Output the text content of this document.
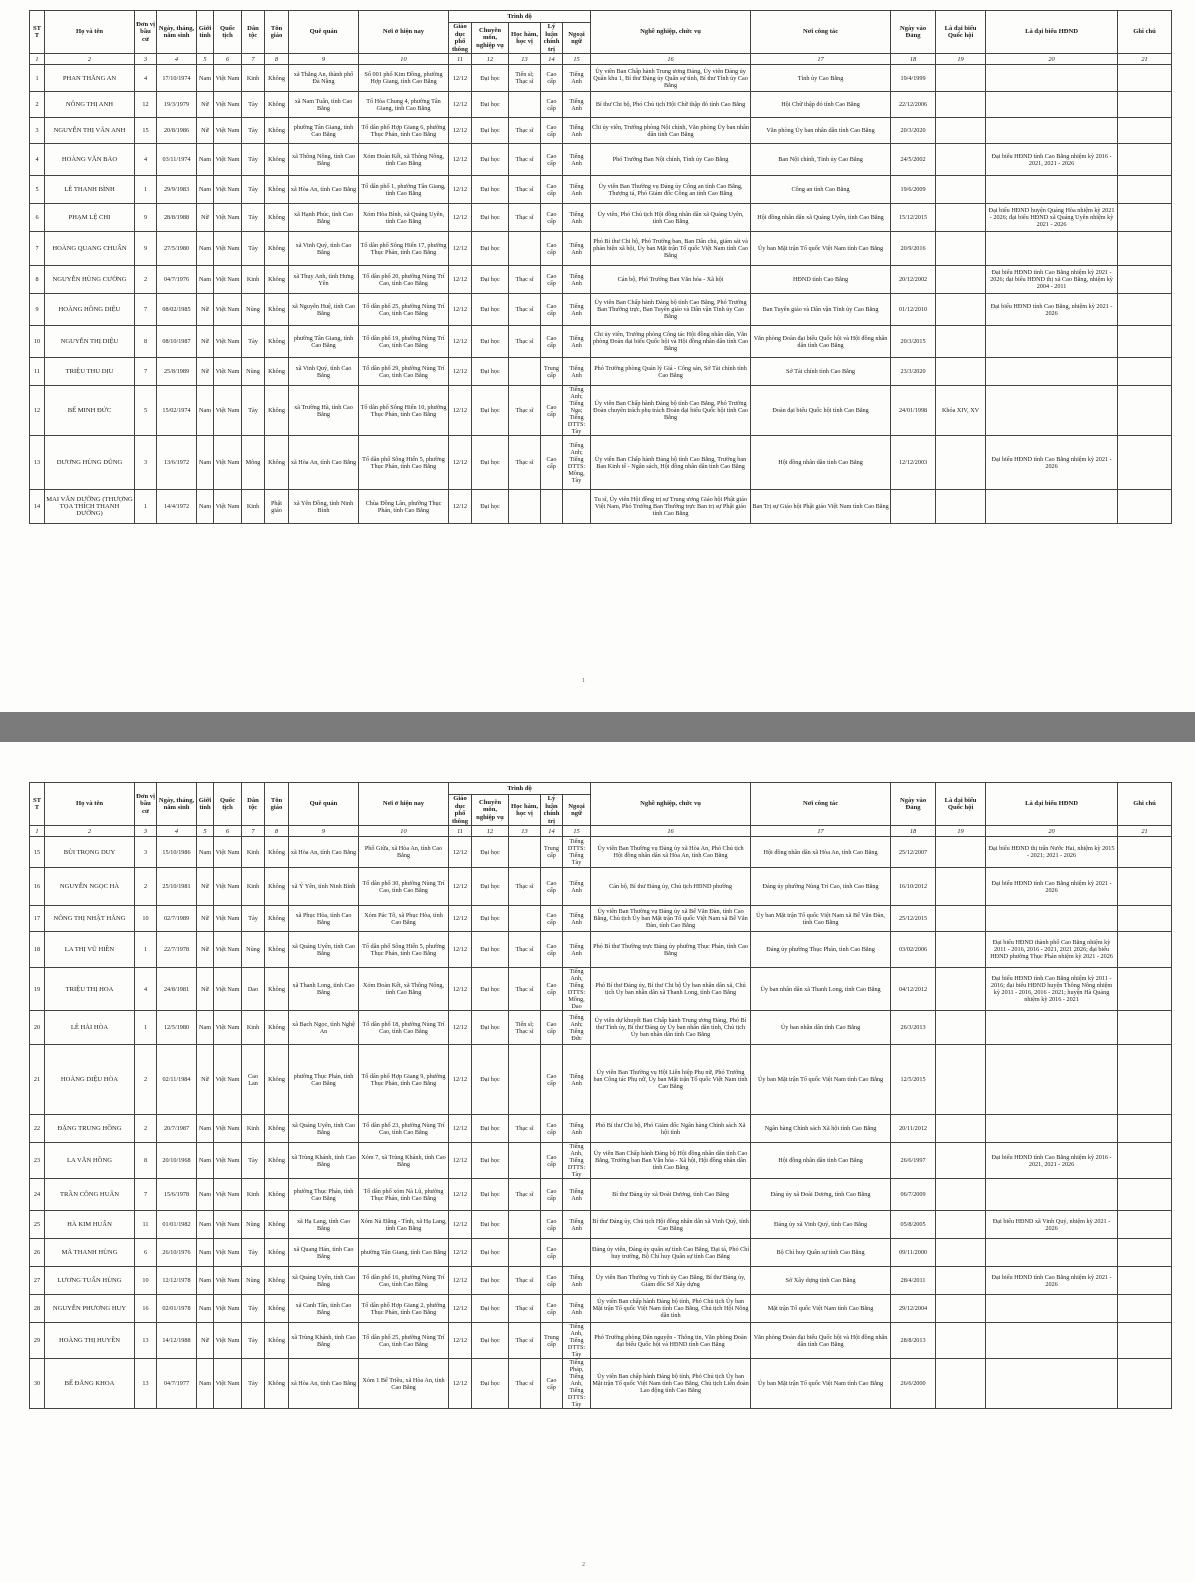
STT	Họ và tên	Đơn vị bầu cử	Ngày, tháng, năm sinh	Giới tính	Quốc tịch	Dân tộc	Tôn giáo	Quê quán	Nơi ở hiện nay	Trình độ					Nghề nghiệp, chức vụ	Nơi công tác	Ngày vào Đảng	Là đại biểu Quốc hội	Là đại biểu HĐND	Ghi chú
										Giáo dục phổ thông	Chuyên môn, nghiệp vụ	Học hàm, học vị	Lý luận chính trị	Ngoại ngữ						
1	2	3	4	5	6	7	8	9	10	11	12	13	14	15	16	17	18	19	20	21
1	PHAN THĂNG AN	4	17/10/1974	Nam	Việt Nam	Kinh	Không	xã Thăng An, thành phố Đà Nẵng	Số 001 phố Kim Đồng, phường Hợp Giang, tỉnh Cao Bằng	12/12	Đại học	Tiến sĩ; Thạc sĩ	Cao cấp	Tiếng Anh	Ủy viên Ban Chấp hành Trung ương Đảng, Ủy viên Đảng ủy Quân khu 1, Bí thư Đảng ủy Quân sự tỉnh, Bí thư Tỉnh ủy Cao Bằng	Tỉnh ủy Cao Bằng	19/4/1999			
2	NÔNG THỊ ANH	12	19/3/1979	Nữ	Việt Nam	Tày	Không	xã Nam Tuấn, tỉnh Cao Bằng	Tổ Hòa Chung 4, phường Tân Giang, tỉnh Cao Bằng	12/12	Đại học		Cao cấp	Tiếng Anh	Bí thư Chi bộ, Phó Chủ tịch Hội Chữ thập đỏ tỉnh Cao Bằng	Hội Chữ thập đỏ tỉnh Cao Bằng	22/12/2006			
3	NGUYỄN THỊ VÂN ANH	15	20/8/1986	Nữ	Việt Nam	Tày	Không	phường Tân Giang, tỉnh Cao Bằng	Tổ dân phố Hợp Giang 6, phường Thục Phán, tỉnh Cao Bằng	12/12	Đại học	Thạc sĩ	Cao cấp	Tiếng Anh	Chi ủy viên, Trưởng phòng Nội chính, Văn phòng Ủy ban nhân dân tỉnh Cao Bằng	Văn phòng Ủy ban nhân dân tỉnh Cao Bằng	20/3/2020			
4	HOÀNG VĂN BẢO	4	03/11/1974	Nam	Việt Nam	Tày	Không	xã Thông Nông, tỉnh Cao Bằng	Xóm Đoàn Kết, xã Thông Nông, tỉnh Cao Bằng	12/12	Đại học	Thạc sĩ	Cao cấp	Tiếng Anh	Phó Trưởng Ban Nội chính, Tỉnh ủy Cao Bằng	Ban Nội chính, Tỉnh ủy Cao Bằng	24/5/2002		Đại biểu HĐND tỉnh Cao Bằng nhiệm kỳ 2016 - 2021, 2021 - 2026	
5	LÊ THANH BÌNH	1	29/9/1983	Nam	Việt Nam	Tày	Không	xã Hòa An, tỉnh Cao Bằng	Tổ dân phố 1, phường Tân Giang, tỉnh Cao Bằng	12/12	Đại học	Thạc sĩ	Cao cấp	Tiếng Anh	Ủy viên Ban Thường vụ Đảng ủy Công an tỉnh Cao Bằng, Thượng tá, Phó Giám đốc Công an tỉnh Cao Bằng	Công an tỉnh Cao Bằng	19/6/2009			
6	PHẠM LỆ CHI	9	28/8/1988	Nữ	Việt Nam	Tày	Không	xã Hạnh Phúc, tỉnh Cao Bằng	Xóm Hòa Bình, xã Quảng Uyên, tỉnh Cao Bằng	12/12	Đại học	Thạc sĩ	Cao cấp	Tiếng Anh	Ủy viên, Phó Chủ tịch Hội đồng nhân dân xã Quảng Uyên, tỉnh Cao Bằng	Hội đồng nhân dân xã Quảng Uyên, tỉnh Cao Bằng	15/12/2015		Đại biểu HĐND huyện Quảng Hòa nhiệm kỳ 2021 - 2026; đại biểu HĐND xã Quảng Uyên nhiệm kỳ 2021 - 2026	
7	HOÀNG QUANG CHUẨN	9	27/5/1980	Nam	Việt Nam	Tày	Không	xã Vinh Quý, tỉnh Cao Bằng	Tổ dân phố Sông Hiến 17, phường Thục Phán, tỉnh Cao Bằng	12/12	Đại học		Cao cấp	Tiếng Anh	Phó Bí thư Chi bộ, Phó Trưởng ban, Ban Dân chủ, giám sát và phản biện xã hội, Ủy ban Mặt trận Tổ quốc Việt Nam tỉnh Cao Bằng	Ủy ban Mặt trận Tổ quốc Việt Nam tỉnh Cao Bằng	20/9/2016			
8	NGUYỄN HÙNG CƯỜNG	2	04/7/1976	Nam	Việt Nam	Kinh	Không	xã Thụy Anh, tỉnh Hưng Yên	Tổ dân phố 20, phường Nùng Trí Cao, tỉnh Cao Bằng	12/12	Đại học	Thạc sĩ	Cao cấp	Tiếng Anh	Cán bộ, Phó Trưởng Ban Văn hóa - Xã hội	HĐND tỉnh Cao Bằng	20/12/2002		Đại biểu HĐND tỉnh Cao Bằng nhiệm kỳ 2021 - 2026; đại biểu HĐND thị xã Cao Bằng, nhiệm kỳ 2004 - 2011	
9	HOÀNG HỒNG DIỆU	7	08/02/1985	Nữ	Việt Nam	Nùng	Không	xã Nguyễn Huệ, tỉnh Cao Bằng	Tổ dân phố 25, phường Nùng Trí Cao, tỉnh Cao Bằng	12/12	Đại học	Thạc sĩ	Cao cấp	Tiếng Anh	Ủy viên Ban Chấp hành Đảng bộ tỉnh Cao Bằng, Phó Trưởng Ban Thường trực, Ban Tuyên giáo và Dân vận Tỉnh ủy Cao Bằng	Ban Tuyên giáo và Dân vận Tỉnh ủy Cao Bằng	01/12/2010		Đại biểu HĐND tỉnh Cao Bằng, nhiệm kỳ 2021 - 2026	
10	NGUYỄN THỊ DIỆU	8	08/10/1987	Nữ	Việt Nam	Tày	Không	phường Tân Giang, tỉnh Cao Bằng	Tổ dân phố 19, phường Nùng Trí Cao, tỉnh Cao Bằng	12/12	Đại học	Thạc sĩ	Cao cấp	Tiếng Anh	Chi ủy viên, Trưởng phòng Công tác Hội đồng nhân dân, Văn phòng Đoàn đại biểu Quốc hội và Hội đồng nhân dân tỉnh Cao Bằng	Văn phòng Đoàn đại biểu Quốc hội và Hội đồng nhân dân tỉnh Cao Bằng	20/3/2015			
11	TRIỆU THU DỊU	7	25/8/1989	Nữ	Việt Nam	Nùng	Không	xã Vinh Quý, tỉnh Cao Bằng	Tổ dân phố 29, phường Nùng Trí Cao, tỉnh Cao Bằng	12/12	Đại học		Trung cấp	Tiếng Anh	Phó Trưởng phòng Quản lý Giá - Công sản, Sở Tài chính tỉnh Cao Bằng	Sở Tài chính tỉnh Cao Bằng	23/3/2020			
12	BẾ MINH ĐỨC	5	15/02/1974	Nam	Việt Nam	Tày	Không	xã Trường Hà, tỉnh Cao Bằng	Tổ dân phố Sông Hiến 10, phường Thục Phán, tỉnh Cao Bằng	12/12	Đại học	Thạc sĩ	Cao cấp	Tiếng Anh; Tiếng Nga; Tiếng DTTS: Tày	Ủy viên Ban Chấp hành Đảng bộ tỉnh Cao Bằng, Phó Trưởng Đoàn chuyên trách phụ trách Đoàn đại biểu Quốc hội tỉnh Cao Bằng	Đoàn đại biểu Quốc hội tỉnh Cao Bằng	24/01/1998	Khóa XIV, XV		
13	DƯƠNG HÙNG DŨNG	3	13/6/1972	Nam	Việt Nam	Mông	Không	xã Hòa An, tỉnh Cao Bằng	Tổ dân phố Sông Hiến 5, phường Thục Phán, tỉnh Cao Bằng	12/12	Đại học	Thạc sĩ	Cao cấp	Tiếng Anh; Tiếng DTTS: Mông, Tày	Ủy viên Ban Chấp hành Đảng bộ tỉnh Cao Bằng, Trưởng ban Ban Kinh tế - Ngân sách, Hội đồng nhân dân tỉnh Cao Bằng	Hội đồng nhân dân tỉnh Cao Bằng	12/12/2003		Đại biểu HĐND tỉnh Cao Bằng nhiệm kỳ 2021 - 2026	
14	MAI VĂN DƯỠNG (THƯỢNG TỌA THÍCH THANH DƯỠNG)	1	14/4/1972	Nam	Việt Nam	Kinh	Phật giáo	xã Yên Đồng, tỉnh Ninh Bình	Chùa Đồng Lân, phường Thục Phán, tỉnh Cao Bằng	12/12	Đại học				Tu sĩ, Ủy viên Hội đồng trị sự Trung ương Giáo hội Phật giáo Việt Nam, Phó Trưởng Ban Thường trực Ban trị sự Phật giáo tỉnh Cao Bằng	Ban Trị sự Giáo hội Phật giáo Việt Nam tỉnh Cao Bằng				
1
STT	Họ và tên	Đơn vị bầu cử	Ngày, tháng, năm sinh	Giới tính	Quốc tịch	Dân tộc	Tôn giáo	Quê quán	Nơi ở hiện nay	Trình độ					Nghề nghiệp, chức vụ	Nơi công tác	Ngày vào Đảng	Là đại biểu Quốc hội	Là đại biểu HĐND	Ghi chú
										Giáo dục phổ thông	Chuyên môn, nghiệp vụ	Học hàm, học vị	Lý luận chính trị	Ngoại ngữ						
1	2	3	4	5	6	7	8	9	10	11	12	13	14	15	16	17	18	19	20	21
15	BÙI TRỌNG DUY	3	15/10/1986	Nam	Việt Nam	Kinh	Không	xã Hòa An, tỉnh Cao Bằng	Phố Giữa, xã Hòa An, tỉnh Cao Bằng	12/12	Đại học		Trung cấp	Tiếng DTTS: Tiếng Tày	Ủy viên Ban Thường vụ Đảng ủy xã Hòa An, Phó Chủ tịch Hội đồng nhân dân xã Hòa An, tỉnh Cao Bằng	Hội đồng nhân dân xã Hòa An, tỉnh Cao Bằng	25/12/2007		Đại biểu HĐND thị trấn Nước Hai, nhiệm kỳ 2015 - 2021; 2021 - 2026	
16	NGUYỄN NGỌC HÀ	2	25/10/1981	Nữ	Việt Nam	Kinh	Không	xã Ý Yên, tỉnh Ninh Bình	Tổ dân phố 30, phường Nùng Trí Cao, tỉnh Cao Bằng	12/12	Đại học	Thạc sĩ	Cao cấp	Tiếng Anh	Cán bộ, Bí thư Đảng ủy, Chủ tịch HĐND phường	Đảng ủy phường Nùng Trí Cao, tỉnh Cao Bằng	16/10/2012		Đại biểu HĐND tỉnh Cao Bằng nhiệm kỳ 2021 - 2026	
17	NÔNG THỊ NHẬT HẰNG	10	02/7/1989	Nữ	Việt Nam	Tày	Không	xã Phục Hòa, tỉnh Cao Bằng	Xóm Pác Tô, xã Phục Hòa, tỉnh Cao Bằng	12/12	Đại học		Cao cấp	Tiếng Anh	Ủy viên Ban Thường vụ Đảng ủy xã Bế Văn Đàn, tỉnh Cao Bằng, Chủ tịch Ủy ban Mặt trận Tổ quốc Việt Nam xã Bế Văn Đàn, tỉnh Cao Bằng	Ủy ban Mặt trận Tổ quốc Việt Nam xã Bế Văn Đàn, tỉnh Cao Bằng	25/12/2015			
18	LA THỊ VŨ HIỀN	1	22/7/1978	Nữ	Việt Nam	Nùng	Không	xã Quảng Uyên, tỉnh Cao Bằng	Tổ dân phố Sông Hiến 5, phường Thục Phán, tỉnh Cao Bằng	12/12	Đại học	Thạc sĩ	Cao cấp	Tiếng Anh	Phó Bí thư Thường trực Đảng ủy phường Thục Phán, tỉnh Cao Bằng	Đảng ủy phường Thục Phán, tỉnh Cao Bằng	03/02/2006		Đại biểu HĐND thành phố Cao Bằng nhiệm kỳ 2011 - 2016, 2016 - 2021, 2021 2026; đại biểu HĐND phường Thục Phán nhiệm kỳ 2021 - 2026	
19	TRIỆU THỊ HOA	4	24/8/1981	Nữ	Việt Nam	Dao	Không	xã Thanh Long, tỉnh Cao Bằng	Xóm Đoàn Kết, xã Thông Nông, tỉnh Cao Bằng	12/12	Đại học	Thạc sĩ	Cao cấp	Tiếng Anh, Tiếng DTTS: Mông, Dao	Phó Bí thư Đảng ủy, Bí thư Chi bộ Ủy ban nhân dân xã, Chủ tịch Ủy ban nhân dân xã Thanh Long, tỉnh Cao Bằng	Ủy ban nhân dân xã Thanh Long, tỉnh Cao Bằng	04/12/2012		Đại biểu HĐND tỉnh Cao Bằng nhiệm kỳ 2011 - 2016; đại biểu HĐND huyện Thông Nông nhiệm kỳ 2011 - 2016, 2016 - 2021; huyện Hà Quảng nhiệm kỳ 2016 - 2021	
20	LÊ HẢI HÒA	1	12/5/1980	Nam	Việt Nam	Kinh	Không	xã Bạch Ngọc, tỉnh Nghệ An	Tổ dân phố 18, phường Nùng Trí Cao, tỉnh Cao Bằng	12/12	Đại học	Tiến sĩ; Thạc sĩ	Cao cấp	Tiếng Anh; Tiếng Đức	Ủy viên dự khuyết Ban Chấp hành Trung ương Đảng, Phó Bí thư Tỉnh ủy, Bí thư Đảng ủy Ủy ban nhân dân tỉnh, Chủ tịch Ủy ban nhân dân tỉnh Cao Bằng	Ủy ban nhân dân tỉnh Cao Bằng	26/3/2013			
21	HOÀNG DIỆU HÒA	2	02/11/1984	Nữ	Việt Nam	Cao Lan	Không	phường Thục Phán, tỉnh Cao Bằng	Tổ dân phố Hợp Giang 9, phường Thục Phán, tỉnh Cao Bằng	12/12	Đại học		Cao cấp	Tiếng Anh	Ủy viên Ban Thường vụ Hội Liên hiệp Phụ nữ, Phó Trưởng ban Công tác Phụ nữ, Ủy ban Mặt trận Tổ quốc Việt Nam tỉnh Cao Bằng	Ủy ban Mặt trận Tổ quốc Việt Nam tỉnh Cao Bằng	12/5/2015			
22	ĐẶNG TRUNG HỒNG	2	20/7/1987	Nam	Việt Nam	Kinh	Không	xã Quảng Uyên, tỉnh Cao Bằng	Tổ dân phố 23, phường Nùng Trí Cao, tỉnh Cao Bằng	12/12	Đại học	Thạc sĩ	Cao cấp	Tiếng Anh	Phó Bí thư Chi bộ, Phó Giám đốc Ngân hàng Chính sách Xã hội tỉnh	Ngân hàng Chính sách Xã hội tỉnh Cao Bằng	20/11/2012			
23	LA VĂN HỒNG	8	20/10/1968	Nam	Việt Nam	Tày	Không	xã Trùng Khánh, tỉnh Cao Bằng	Xóm 7, xã Trùng Khánh, tỉnh Cao Bằng	12/12	Đại học		Cao cấp	Tiếng Anh, Tiếng DTTS: Tày	Ủy viên Ban Chấp hành Đảng bộ Hội đồng nhân dân tỉnh Cao Bằng, Trưởng ban Ban Văn hóa - Xã hội, Hội đồng nhân dân tỉnh Cao Bằng	Hội đồng nhân dân tỉnh Cao Bằng	26/6/1997		Đại biểu HĐND tỉnh Cao Bằng nhiệm kỳ 2016 - 2021, 2021 - 2026	
24	TRẦN CÔNG HUÂN	7	15/6/1978	Nam	Việt Nam	Kinh	Không	phường Thục Phán, tỉnh Cao Bằng	Tổ dân phố xóm Nà Lũ, phường Thục Phán, tỉnh Cao Bằng	12/12	Đại học	Thạc sĩ	Cao cấp	Tiếng Anh	Bí thư Đảng ủy xã Đoài Dương, tỉnh Cao Bằng	Đảng ủy xã Đoài Dương, tỉnh Cao Bằng	06/7/2009			
25	HÀ KIM HUẤN	11	01/01/1982	Nam	Việt Nam	Nùng	Không	xã Hạ Lang, tỉnh Cao Bằng	Xóm Nà Đăng - Tỉnh, xã Hạ Lang, tỉnh Cao Bằng	12/12	Đại học		Cao cấp	Tiếng Anh	Bí thư Đảng ủy, Chủ tịch Hội đồng nhân dân xã Vinh Quý, tỉnh Cao Bằng	Đảng ủy xã Vinh Quý, tỉnh Cao Bằng	05/8/2005		Đại biểu HĐND xã Vinh Quý, nhiệm kỳ 2021 - 2026	
26	MÃ THANH HÙNG	6	26/10/1976	Nam	Việt Nam	Tày	Không	xã Quang Hán, tỉnh Cao Bằng	phường Tân Giang, tỉnh Cao Bằng	12/12	Đại học		Cao cấp		Đảng ủy viên, Đảng ủy quân sự tỉnh Cao Bằng, Đại tá, Phó Chỉ huy trưởng, Bộ Chỉ huy Quân sự tỉnh Cao Bằng	Bộ Chỉ huy Quân sự tỉnh Cao Bằng	09/11/2000			
27	LƯƠNG TUẤN HÙNG	10	12/12/1978	Nam	Việt Nam	Nùng	Không	xã Quảng Uyên, tỉnh Cao Bằng	Tổ dân phố 16, phường Nùng Trí Cao, tỉnh Cao Bằng	12/12	Đại học	Thạc sĩ	Cao cấp	Tiếng Anh	Ủy viên Ban Thường vụ Tỉnh ủy Cao Bằng, Bí thư Đảng ủy, Giám đốc Sở Xây dựng	Sở Xây dựng tỉnh Cao Bằng	28/4/2011		Đại biểu HĐND tỉnh Cao Bằng nhiệm kỳ 2021 - 2026	
28	NGUYỄN PHƯƠNG HUY	16	02/01/1978	Nam	Việt Nam	Tày	Không	xã Canh Tân, tỉnh Cao Bằng	Tổ dân phố Hợp Giang 2, phường Thục Phán, tỉnh Cao Bằng	12/12	Đại học	Thạc sĩ	Cao cấp	Tiếng Anh	Ủy viên Ban chấp hành Đảng bộ tỉnh, Phó Chủ tịch Ủy ban Mặt trận Tổ quốc Việt Nam tỉnh Cao Bằng, Chủ tịch Hội Nông dân tỉnh	Mặt trận Tổ quốc Việt Nam tỉnh Cao Bằng	29/12/2004			
29	HOÀNG THỊ HUYỀN	13	14/12/1988	Nữ	Việt Nam	Tày	Không	xã Trùng Khánh, tỉnh Cao Bằng	Tổ dân phố 25, phường Nùng Trí Cao, tỉnh Cao Bằng	12/12	Đại học	Thạc sĩ	Trung cấp	Tiếng Anh, Tiếng DTTS: Tày	Phó Trưởng phòng Dân nguyện - Thông tin, Văn phòng Đoàn đại biểu Quốc hội và HĐND tỉnh Cao Bằng	Văn phòng Đoàn đại biểu Quốc hội và Hội đồng nhân dân tỉnh Cao Bằng	28/8/2013			
30	BẾ ĐĂNG KHOA	13	04/7/1977	Nam	Việt Nam	Tày	Không	xã Hòa An, tỉnh Cao Bằng	Xóm 1 Bế Triều, xã Hòa An, tỉnh Cao Bằng	12/12	Đại học	Thạc sĩ	Cao cấp	Tiếng Pháp, Tiếng Anh, Tiếng DTTS: Tày	Ủy viên Ban chấp hành Đảng bộ tỉnh, Phó Chủ tịch Ủy ban Mặt trận Tổ quốc Việt Nam tỉnh Cao Bằng, Chủ tịch Liên đoàn Lao động tỉnh Cao Bằng	Ủy ban Mặt trận Tổ quốc Việt Nam tỉnh Cao Bằng	26/6/2000			
2
